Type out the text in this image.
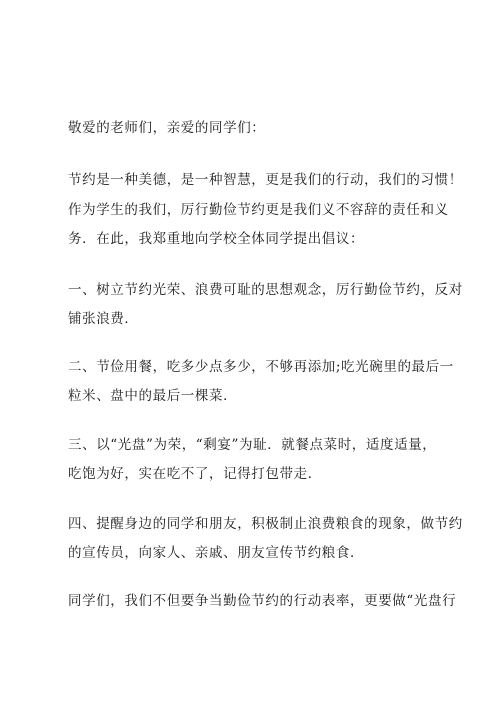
敬爱的老师们，亲爱的同学们：
节约是一种美德，是一种智慧，更是我们的行动，我们的习惯！
作为学生的我们，厉行勤俭节约更是我们义不容辞的责任和义
务．在此，我郑重地向学校全体同学提出倡议：
一、树立节约光荣、浪费可耻的思想观念，厉行勤俭节约，反对
铺张浪费．
二、节俭用餐，吃多少点多少，不够再添加;吃光碗里的最后一
粒米、盘中的最后一棵菜．
三、以“光盘”为荣，“剩宴”为耻．就餐点菜时，适度适量，
吃饱为好，实在吃不了，记得打包带走．
四、提醒身边的同学和朋友，积极制止浪费粮食的现象，做节约
的宣传员，向家人、亲戚、朋友宣传节约粮食．
同学们，我们不但要争当勤俭节约的行动表率，更要做“光盘行
